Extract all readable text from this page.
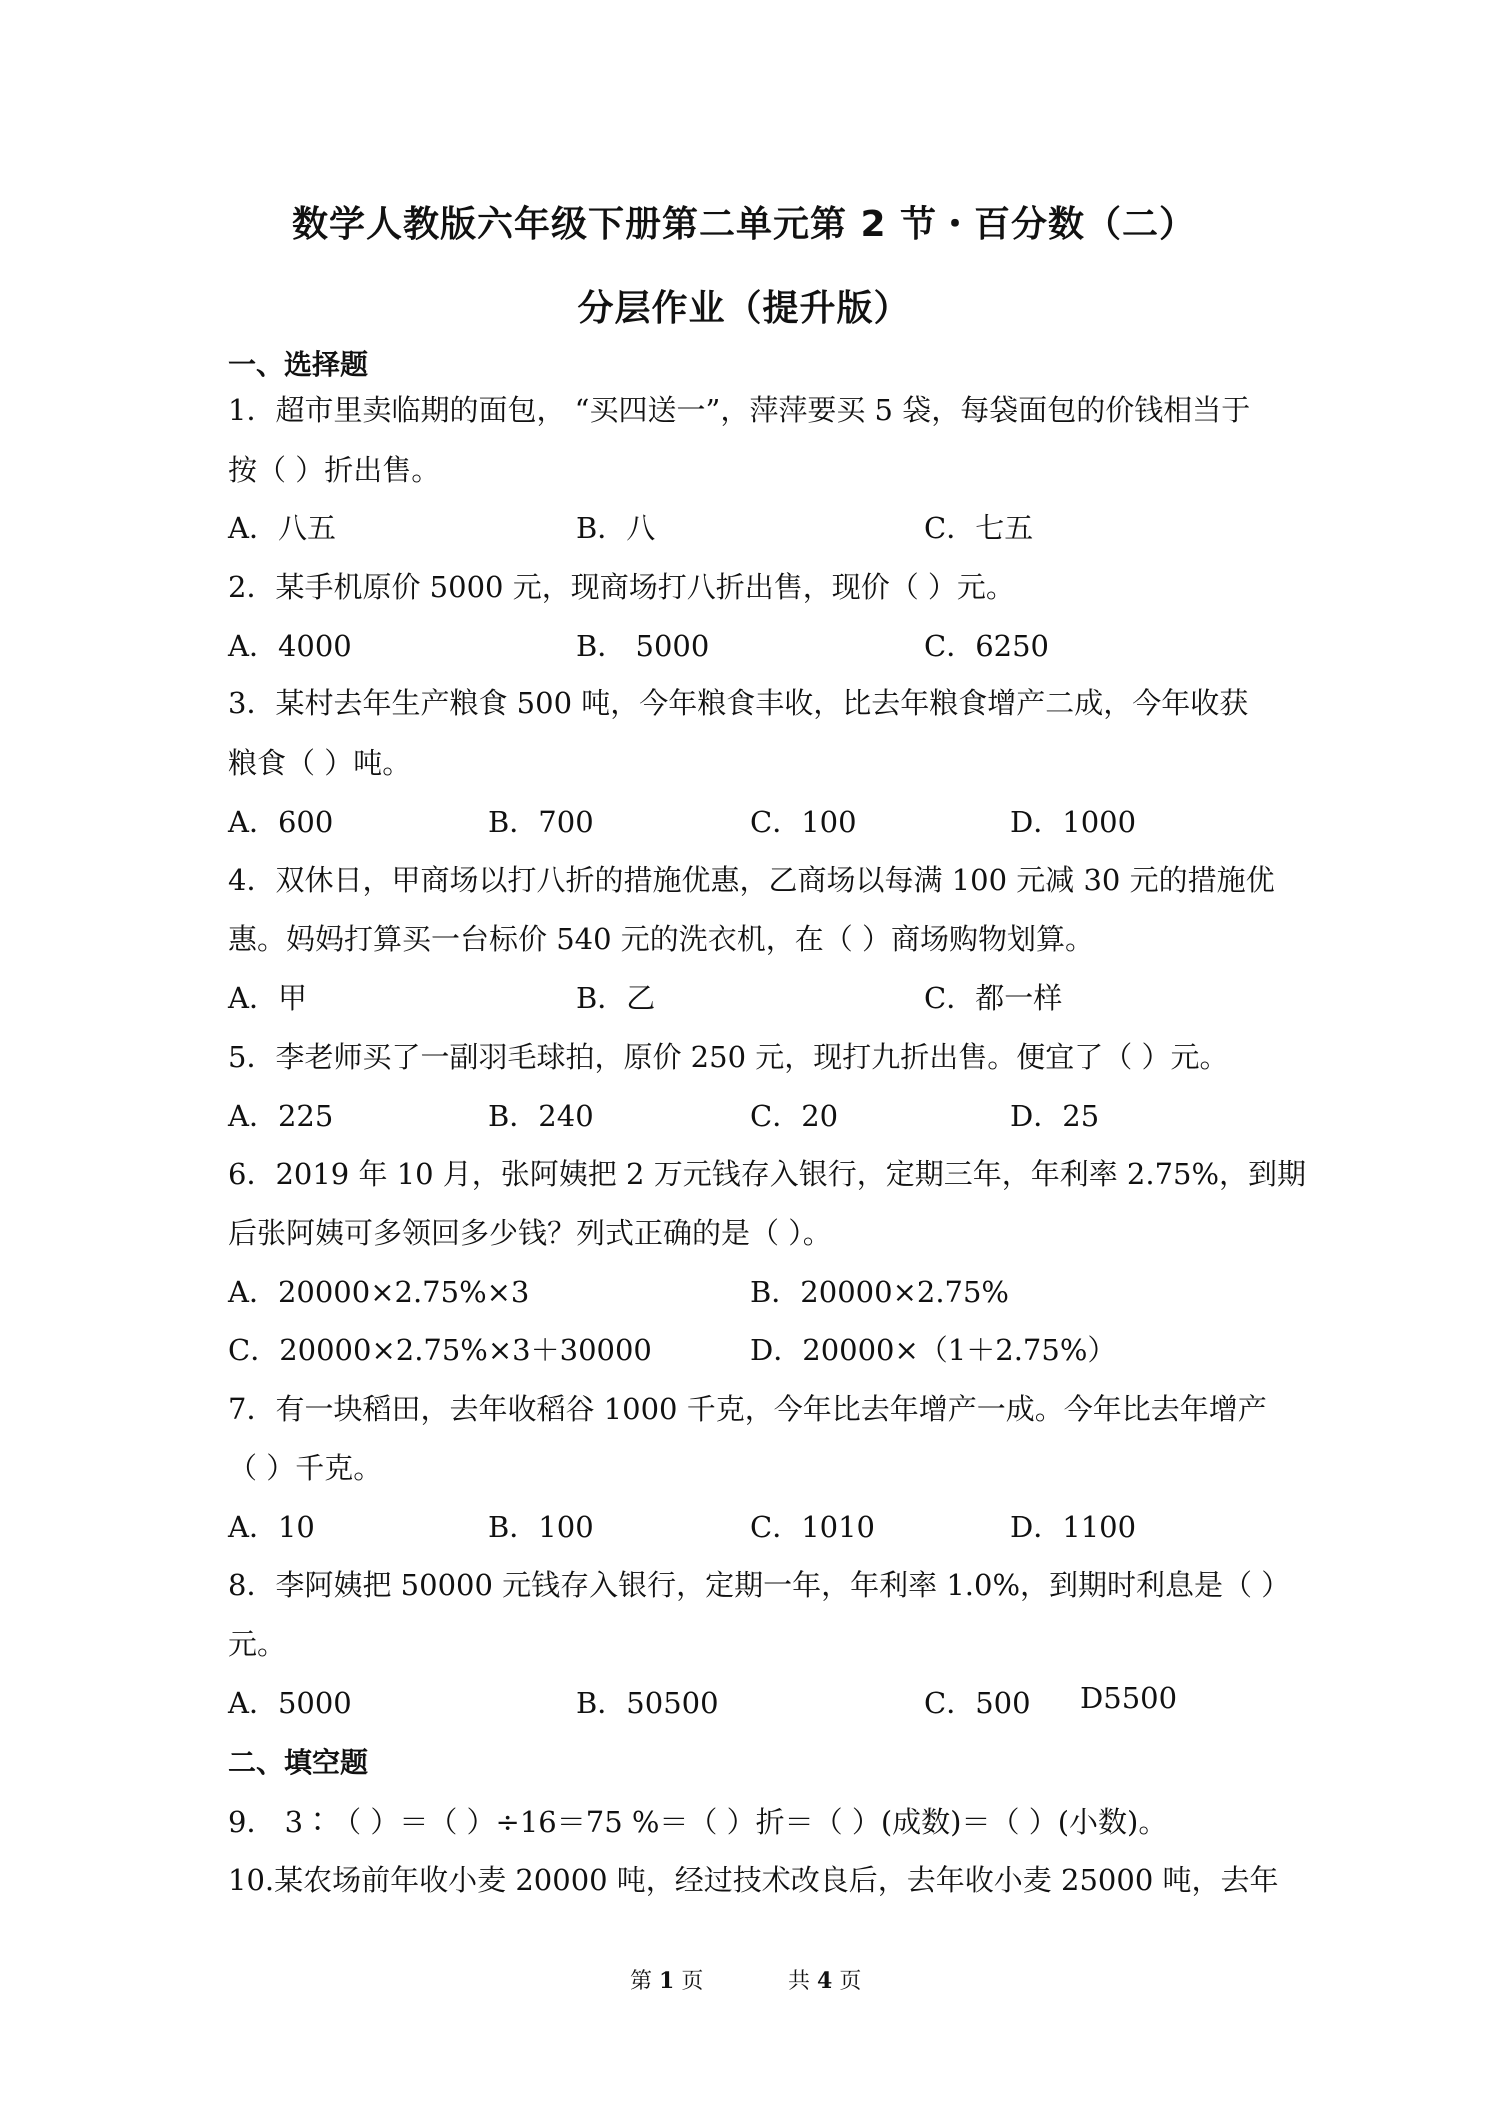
数学人教版六年级下册第二单元第 2 节・百分数（二）
分层作业（提升版）
一、选择题
1．超市里卖临期的面包， “买四送一”，萍萍要买 5 袋，每袋面包的价钱相当于
按（ ）折出售。
A．八五	B．八	C．七五
2．某手机原价 5000 元，现商场打八折出售，现价（ ）元。
A．4000	B． 5000	C．6250
3．某村去年生产粮食 500 吨，今年粮食丰收，比去年粮食增产二成，今年收获
粮食（ ）吨。
A．600	B．700	C．100	D．1000
4．双休日，甲商场以打八折的措施优惠，乙商场以每满 100 元减 30 元的措施优
惠。妈妈打算买一台标价 540 元的洗衣机，在（ ）商场购物划算。
A．甲	B．乙	C．都一样
5．李老师买了一副羽毛球拍，原价 250 元，现打九折出售。便宜了（ ）元。
A．225	B．240	C．20	D．25
6．2019 年 10 月，张阿姨把 2 万元钱存入银行，定期三年，年利率 2.75%，到期
后张阿姨可多领回多少钱？列式正确的是（ ）。
A．20000×2.75%×3	B．20000×2.75%
C．20000×2.75%×3＋30000	D．20000×（1＋2.75%）
7．有一块稻田，去年收稻谷 1000 千克，今年比去年增产一成。今年比去年增产
（ ）千克。
A．10	B．100	C．1010	D．1100
8．李阿姨把 50000 元钱存入银行，定期一年，年利率 1.0%，到期时利息是（ ）
元。
A．5000	B．50500	C．500 D5500
二、填空题
9． 3∶（ ）＝（ ）÷16＝75 %＝（ ）折＝（ ）(成数)＝（ ）(小数)。
10.某农场前年收小麦 20000 吨，经过技术改良后，去年收小麦 25000 吨，去年
第 1 页	共 4 页
